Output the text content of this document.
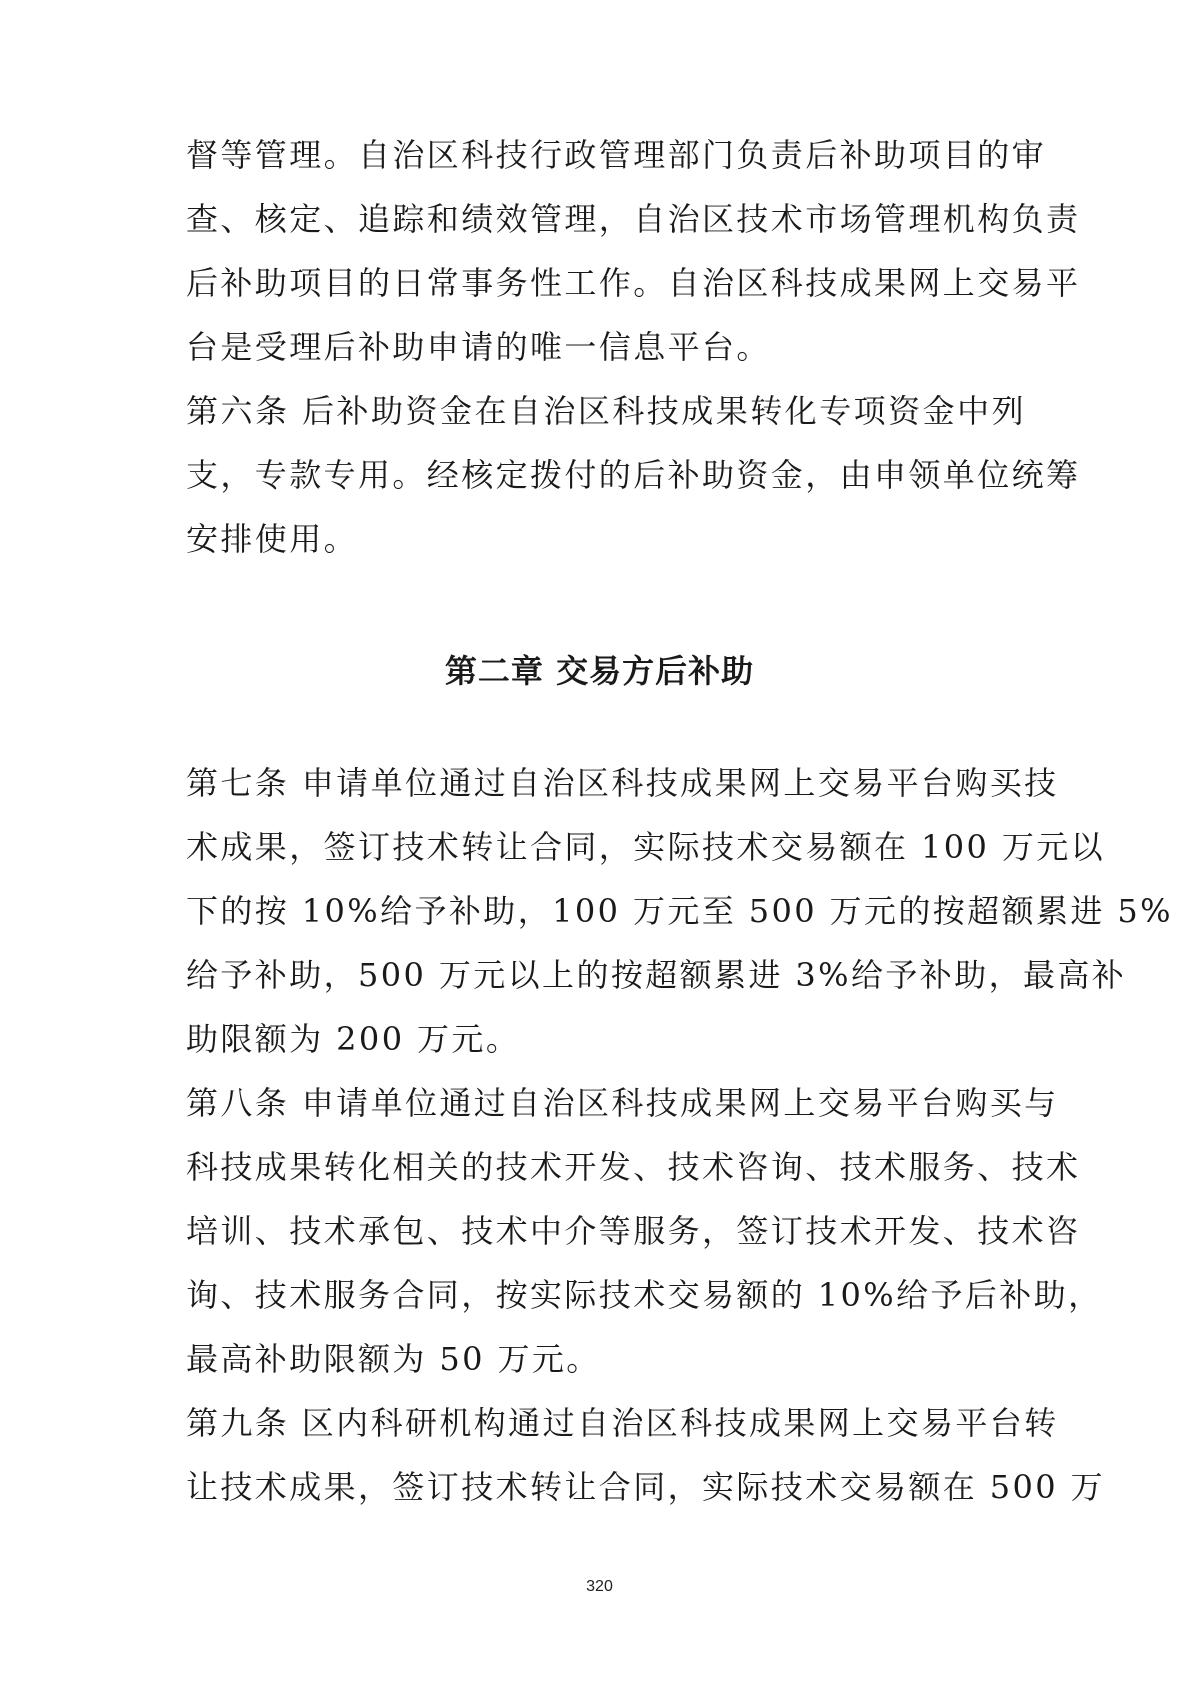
督等管理。自治区科技行政管理部门负责后补助项目的审
查、核定、追踪和绩效管理，自治区技术市场管理机构负责
后补助项目的日常事务性工作。自治区科技成果网上交易平
台是受理后补助申请的唯一信息平台。
第六条 后补助资金在自治区科技成果转化专项资金中列
支，专款专用。经核定拨付的后补助资金，由申领单位统筹
安排使用。
第二章 交易方后补助
第七条 申请单位通过自治区科技成果网上交易平台购买技
术成果，签订技术转让合同，实际技术交易额在 100 万元以
下的按 10%给予补助，100 万元至 500 万元的按超额累进 5%
给予补助，500 万元以上的按超额累进 3%给予补助，最高补
助限额为 200 万元。
第八条 申请单位通过自治区科技成果网上交易平台购买与
科技成果转化相关的技术开发、技术咨询、技术服务、技术
培训、技术承包、技术中介等服务，签订技术开发、技术咨
询、技术服务合同，按实际技术交易额的 10%给予后补助，
最高补助限额为 50 万元。
第九条 区内科研机构通过自治区科技成果网上交易平台转
让技术成果，签订技术转让合同，实际技术交易额在 500 万
320
